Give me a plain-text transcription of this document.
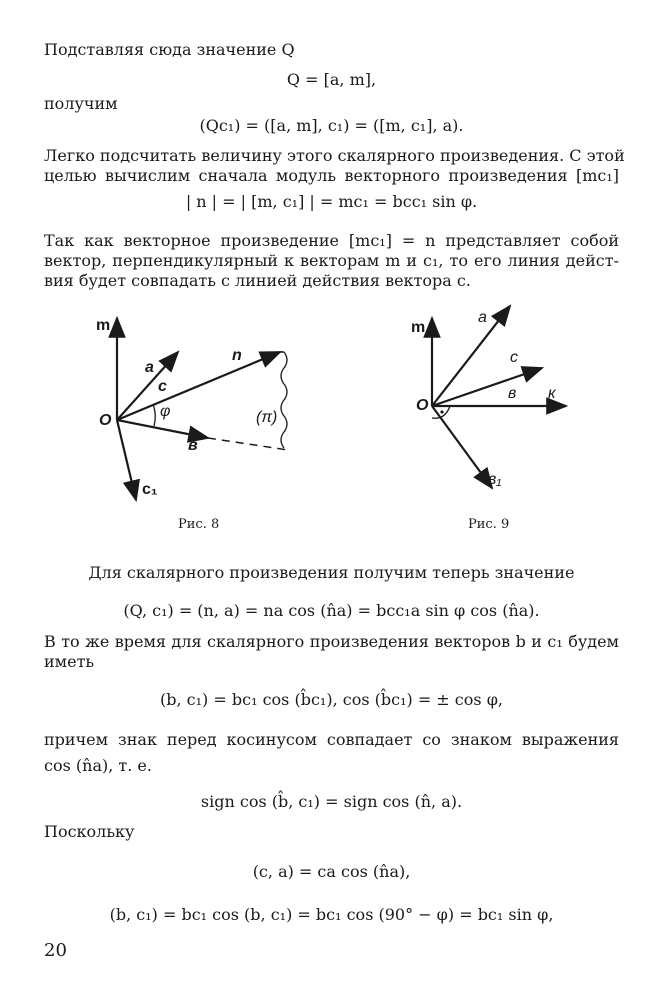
Подставляя сюда значение Q
Q = [a, m],
получим
(Qc₁) = ([a, m], c₁) = ([m, c₁], a).
Легко подсчитать величину этого скалярного произведения. С этой
целью вычислим сначала модуль векторного произведения [mc₁]
| n | = | [m, c₁] | = mc₁ = bcc₁ sin φ.
Так как векторное произведение [mc₁] = n представляет собой
вектор, перпендикулярный к векторам m и c₁, то его линия дейст-
вия будет совпадать с линией действия вектора c.
m
a
c
n
O
φ
в
c₁
(π)
Рис. 8
m
a
c
в к
O
в₁
Рис. 9
Для скалярного произведения получим теперь значение
(Q, c₁) = (n, a) = na cos (n̂a) = bcc₁a sin φ cos (n̂a).
В то же время для скалярного произведения векторов b и c₁ будем
иметь
(b, c₁) = bc₁ cos (b̂c₁), cos (b̂c₁) = ± cos φ,
причем знак перед косинусом совпадает со знаком выражения
cos (n̂a), т. е.
sign cos (b̂, c₁) = sign cos (n̂, a).
Поскольку
(c, a) = ca cos (n̂a),
(b, c₁) = bc₁ cos (b, c₁) = bc₁ cos (90° − φ) = bc₁ sin φ,
20
